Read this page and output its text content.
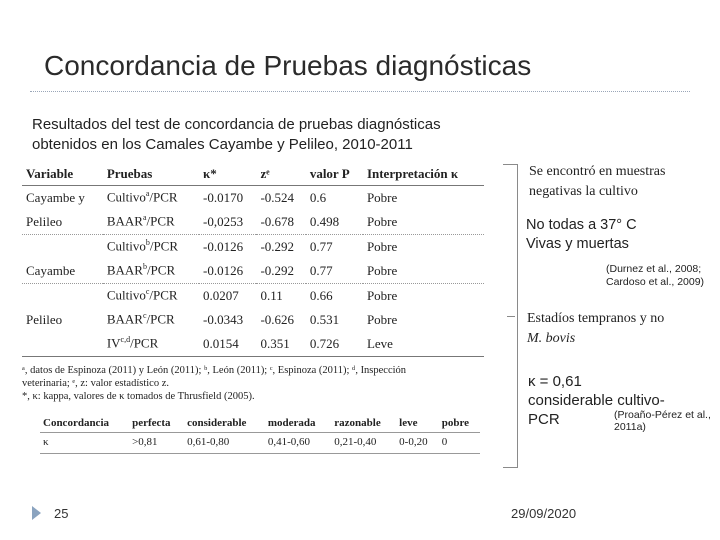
Concordancia de Pruebas diagnósticas
Resultados del test de concordancia de pruebas diagnósticas
obtenidos en los Camales Cayambe y Pelileo, 2010-2011
Variable	Pruebas	κ*	zᵉ	valor P	Interpretación κ
Cayambe y	Cultivo$^a$/PCR	-0.0170	-0.524	0.6	Pobre
Pelileo	BAAR$^a$/PCR	-0,0253	-0.678	0.498	Pobre
	Cultivo$^b$/PCR	-0.0126	-0.292	0.77	Pobre
Cayambe	BAAR$^b$/PCR	-0.0126	-0.292	0.77	Pobre
	Cultivo$^c$/PCR	0.0207	0.11	0.66	Pobre
Pelileo	BAAR$^c$/PCR	-0.0343	-0.626	0.531	Pobre
	IV$^{c,d}$/PCR	0.0154	0.351	0.726	Leve
ᵃ, datos de Espinoza (2011) y León (2011); ᵇ, León (2011); ᶜ, Espinoza (2011); ᵈ, Inspección
veterinaria; ᵉ, z: valor estadístico z.
*, κ: kappa, valores de κ tomados de Thrusfield (2005).
Concordancia	perfecta	considerable	moderada	razonable	leve	pobre
κ	>0,81	0,61-0,80	0,41-0,60	0,21-0,40	0-0,20	0
Se encontró en muestras
negativas la cultivo
No todas a 37° C
Vivas y muertas
(Durnez et al., 2008; Cardoso et al., 2009)
Estadíos tempranos y no
M. bovis
κ = 0,61
considerable cultivo-
PCR	(Proaño-Pérez et al., 2011a)
25	29/09/2020
